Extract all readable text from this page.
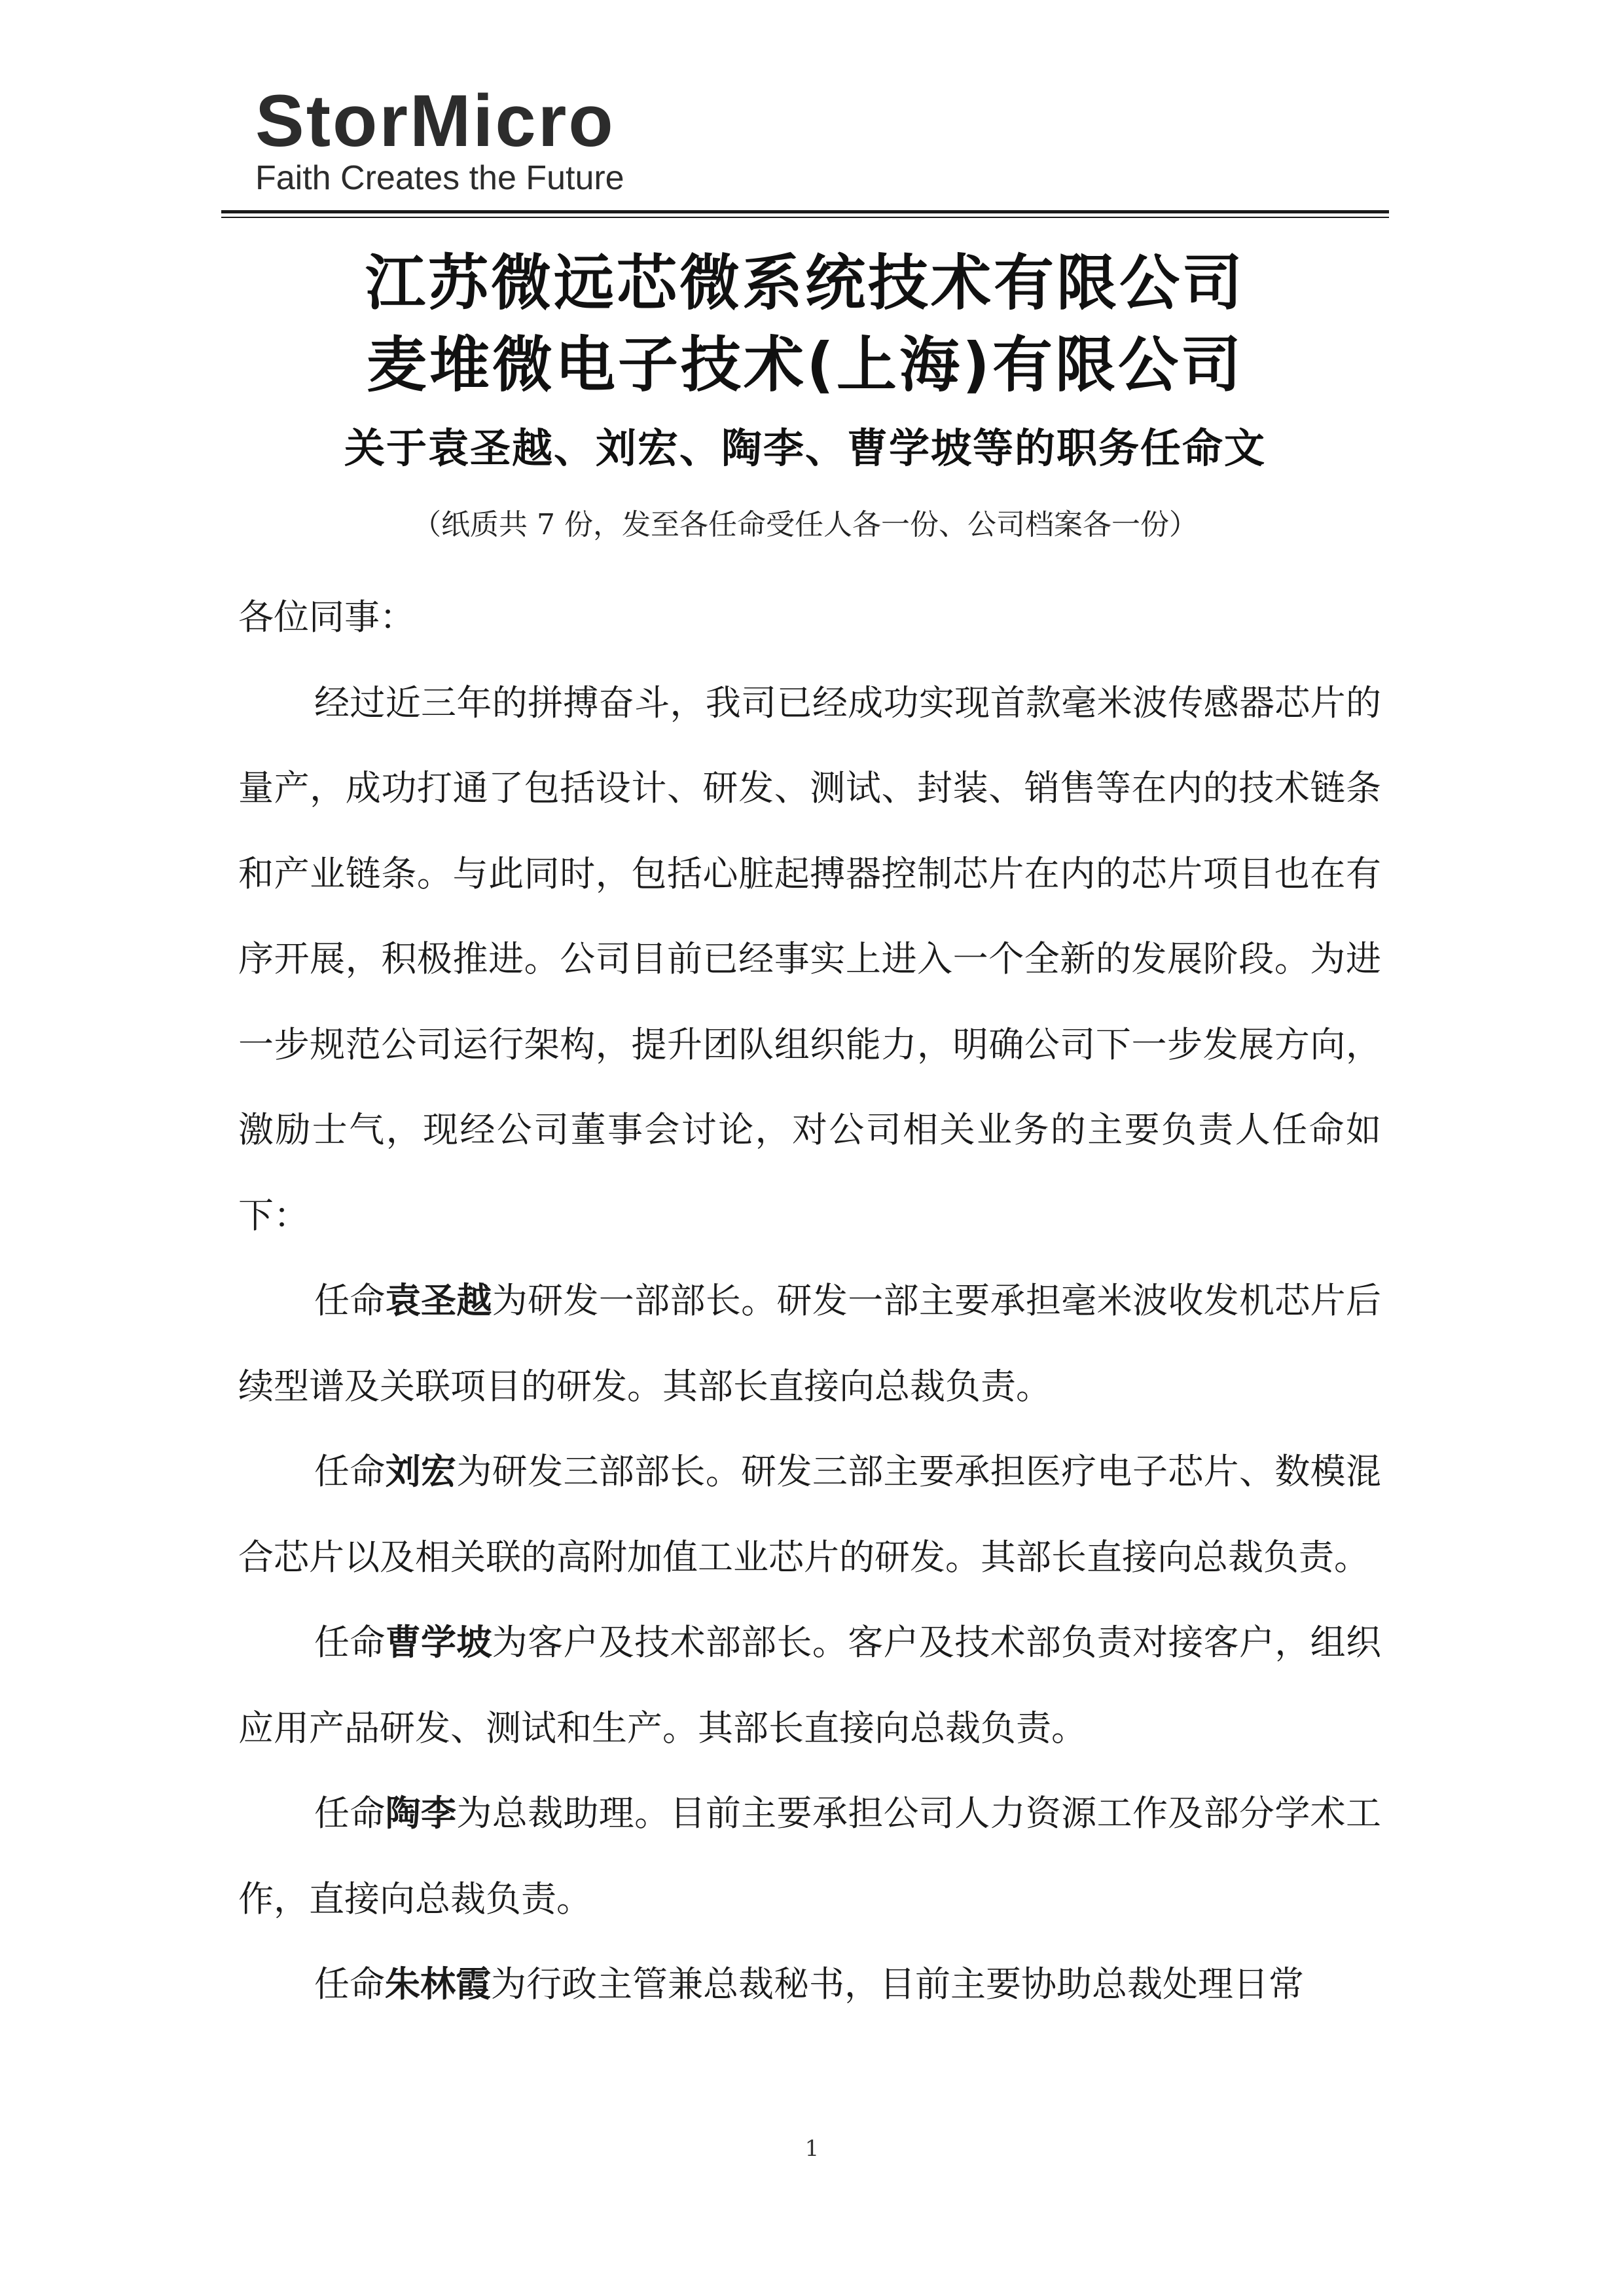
StorMicro
Faith Creates the Future
江苏微远芯微系统技术有限公司
麦堆微电子技术(上海)有限公司
关于袁圣越、刘宏、陶李、曹学坡等的职务任命文
（纸质共 7 份，发至各任命受任人各一份、公司档案各一份）

各位同事：

经过近三年的拼搏奋斗，我司已经成功实现首款毫米波传感器芯片的量产，成功打通了包括设计、研发、测试、封装、销售等在内的技术链条和产业链条。与此同时，包括心脏起搏器控制芯片在内的芯片项目也在有序开展，积极推进。公司目前已经事实上进入一个全新的发展阶段。为进一步规范公司运行架构，提升团队组织能力，明确公司下一步发展方向，激励士气，现经公司董事会讨论，对公司相关业务的主要负责人任命如下：

任命袁圣越为研发一部部长。研发一部主要承担毫米波收发机芯片后续型谱及关联项目的研发。其部长直接向总裁负责。

任命刘宏为研发三部部长。研发三部主要承担医疗电子芯片、数模混合芯片以及相关联的高附加值工业芯片的研发。其部长直接向总裁负责。

任命曹学坡为客户及技术部部长。客户及技术部负责对接客户，组织应用产品研发、测试和生产。其部长直接向总裁负责。

任命陶李为总裁助理。目前主要承担公司人力资源工作及部分学术工作，直接向总裁负责。

任命朱林霞为行政主管兼总裁秘书，目前主要协助总裁处理日常

1
